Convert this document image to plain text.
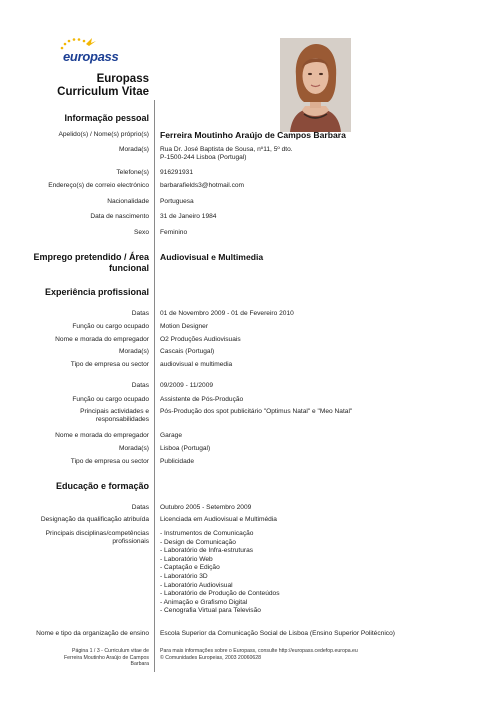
europass
Europass
Curriculum Vitae
Informação pessoal
Apelido(s) / Nome(s) próprio(s) Ferreira Moutinho Araújo de Campos Barbara
Morada(s) Rua Dr. José Baptista de Sousa, nº11, 5º dto.
P-1500-244 Lisboa (Portugal)
Telefone(s) 916291931
Endereço(s) de correio electrónico barbarafields3@hotmail.com
Nacionalidade Portuguesa
Data de nascimento 31 de Janeiro 1984
Sexo Feminino
Emprego pretendido / Área
funcional
Audiovisual e Multimedia
Experiência profissional
Datas 01 de Novembro 2009 - 01 de Fevereiro 2010
Função ou cargo ocupado Motion Designer
Nome e morada do empregador O2 Produções Audiovisuais
Morada(s) Cascais (Portugal)
Tipo de empresa ou sector audiovisual e multimedia
Datas 09/2009 - 11/2009
Função ou cargo ocupado Assistente de Pós-Produção
Principais actividades e
responsabilidades
Pós-Produção dos spot publicitário "Optimus Natal" e "Meo Natal"
Nome e morada do empregador Garage
Morada(s) Lisboa (Portugal)
Tipo de empresa ou sector Publicidade
Educação e formação
Datas Outubro 2005 - Setembro 2009
Designação da qualificação atribuída Licenciada em Audiovisual e Multimédia
Principais disciplinas/competências
profissionais
- Instrumentos de Comunicação
- Design de Comunicação
- Laboratório de Infra-estruturas
- Laboratório Web
- Captação e Edição
- Laboratório 3D
- Laboratório Audiovisual
- Laboratório de Produção de Conteúdos
- Animação e Grafismo Digital
- Cenografia Virtual para Televisão
Nome e tipo da organização de ensino Escola Superior da Comunicação Social de Lisboa (Ensino Superior Politécnico)
Página 1 / 3 - Curriculum vitae de
Ferreira Moutinho Araújo de Campos
Barbara
Para mais informações sobre o Europass, consulte http://europass.cedefop.europa.eu
© Comunidades Europeias, 2003 20060628
